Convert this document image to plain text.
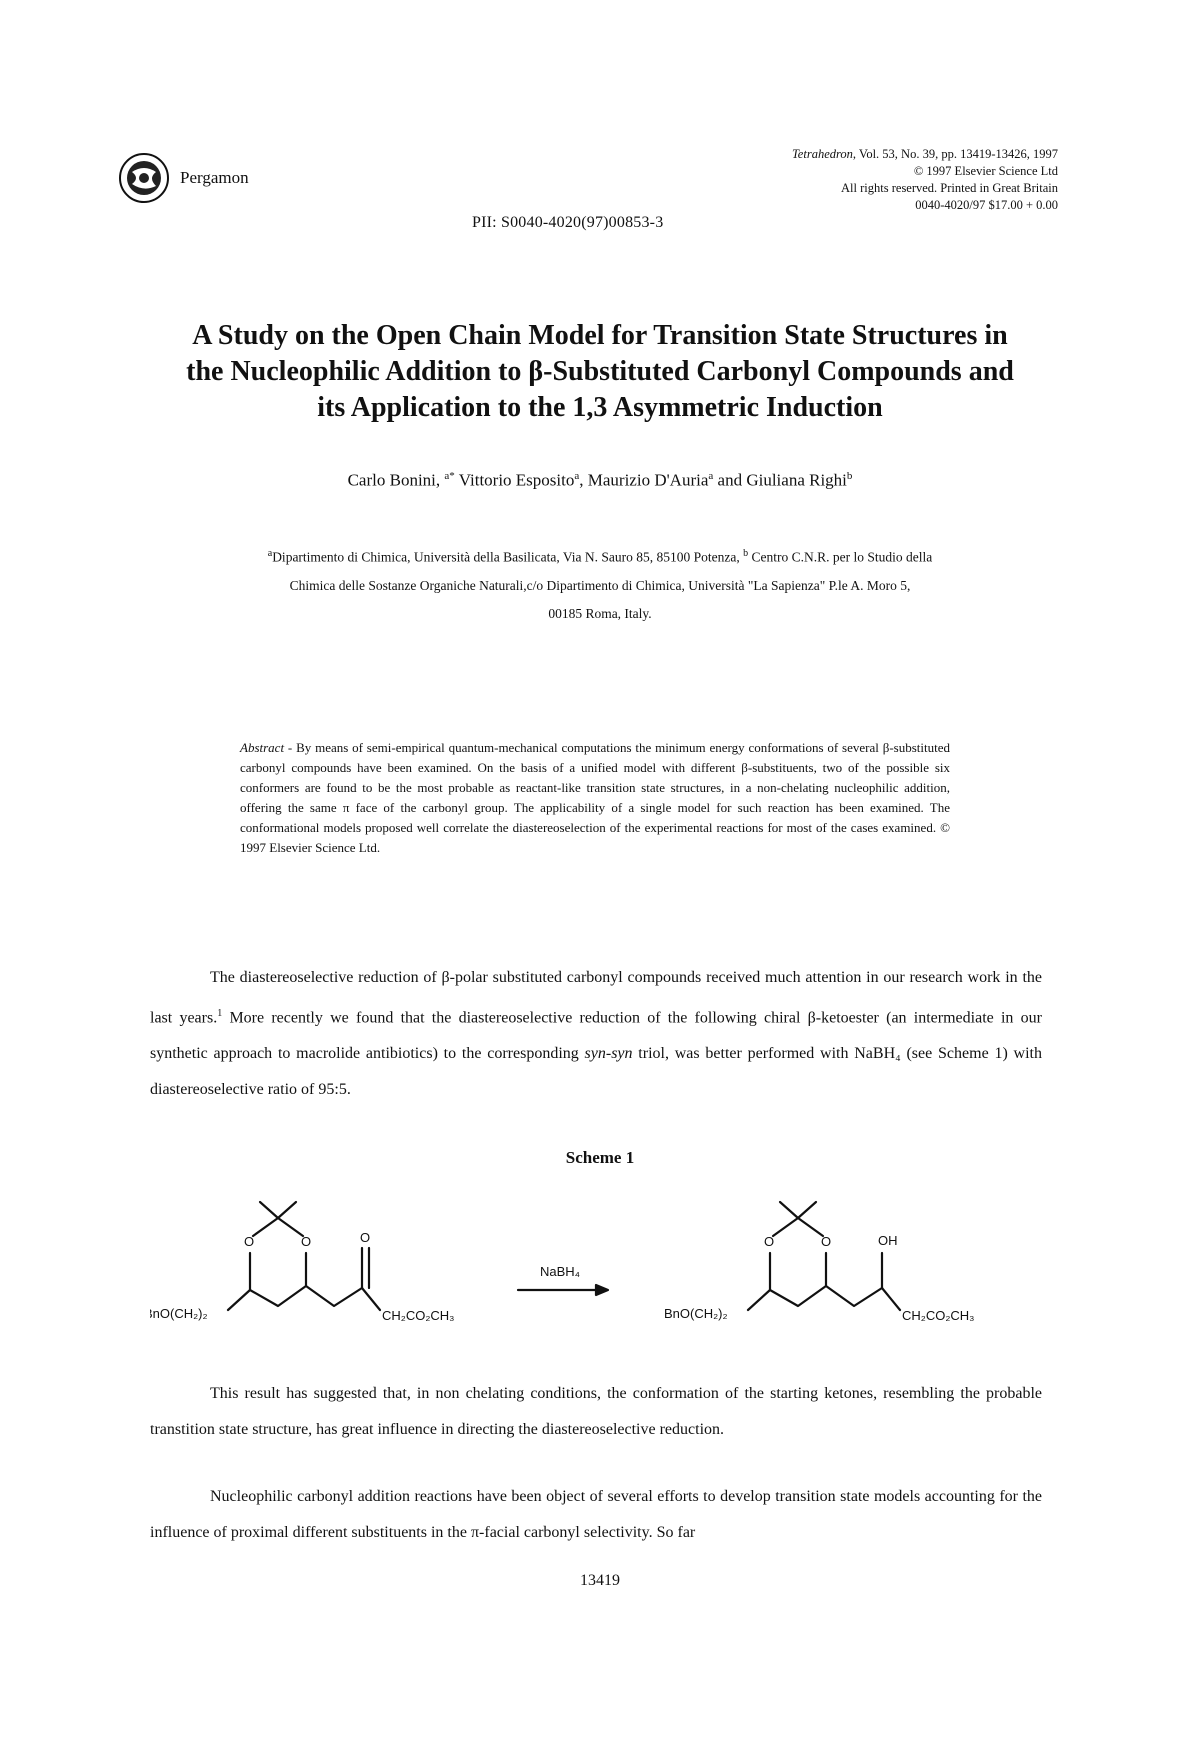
Pergamon
Tetrahedron, Vol. 53, No. 39, pp. 13419-13426, 1997
© 1997 Elsevier Science Ltd
All rights reserved. Printed in Great Britain
0040-4020/97 $17.00 + 0.00
PII: S0040-4020(97)00853-3
A Study on the Open Chain Model for Transition State Structures in
the Nucleophilic Addition to β-Substituted Carbonyl Compounds and
its Application to the 1,3 Asymmetric Induction
Carlo Bonini, $^{a*}$ Vittorio Esposito$^a$, Maurizio D'Auria$^a$ and Giuliana Righi$^b$
$^a$Dipartimento di Chimica, Università della Basilicata, Via N. Sauro 85, 85100 Potenza, $^b$ Centro C.N.R. per lo Studio della
Chimica delle Sostanze Organiche Naturali,c/o Dipartimento di Chimica, Università "La Sapienza" P.le A. Moro 5,
00185 Roma, Italy.
Abstract - By means of semi-empirical quantum-mechanical computations the minimum energy conformations of several β-substituted carbonyl compounds have been examined. On the basis of a unified model with different β-substituents, two of the possible six conformers are found to be the most probable as reactant-like transition state structures, in a non-chelating nucleophilic addition, offering the same π face of the carbonyl group. The applicability of a single model for such reaction has been examined. The conformational models proposed well correlate the diastereoselection of the experimental reactions for most of the cases examined. © 1997 Elsevier Science Ltd.
The diastereoselective reduction of β-polar substituted carbonyl compounds received much attention in our research work in the last years.$^1$ More recently we found that the diastereoselective reduction of the following chiral β-ketoester (an intermediate in our synthetic approach to macrolide antibiotics) to the corresponding syn-syn triol, was better performed with NaBH₄ (see Scheme 1) with diastereoselective ratio of 95:5.
Scheme 1
O	O	O
BnO(CH₂)₂	CH₂CO₂CH₃
NaBH₄
O	O	OH
BnO(CH₂)₂	CH₂CO₂CH₃
This result has suggested that, in non chelating conditions, the conformation of the starting ketones, resembling the probable transtition state structure, has great influence in directing the diastereoselective reduction.
Nucleophilic carbonyl addition reactions have been object of several efforts to develop transition state models accounting for the influence of proximal different substituents in the π-facial carbonyl selectivity. So far
13419
